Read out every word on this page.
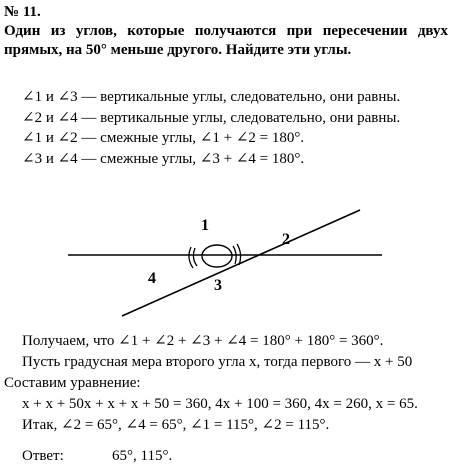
№ 11.
Один из углов, которые получаются при пересечении двух
прямых, на 50° меньше другого. Найдите эти углы.
∠1 и ∠3 — вертикальные углы, следовательно, они равны.
∠2 и ∠4 — вертикальные углы, следовательно, они равны.
∠1 и ∠2 — смежные углы, ∠1 + ∠2 = 180°.
∠3 и ∠4 — смежные углы, ∠3 + ∠4 = 180°.
1
2
3
4
Получаем, что ∠1 + ∠2 + ∠3 + ∠4 = 180° + 180° = 360°.
Пусть градусная мера второго угла x, тогда первого — x + 50
Составим уравнение:
x + x + 50x + x + x + 50 = 360, 4x + 100 = 360, 4x = 260, x = 65.
Итак, ∠2 = 65°, ∠4 = 65°, ∠1 = 115°, ∠2 = 115°.
Ответ:	65°, 115°.
